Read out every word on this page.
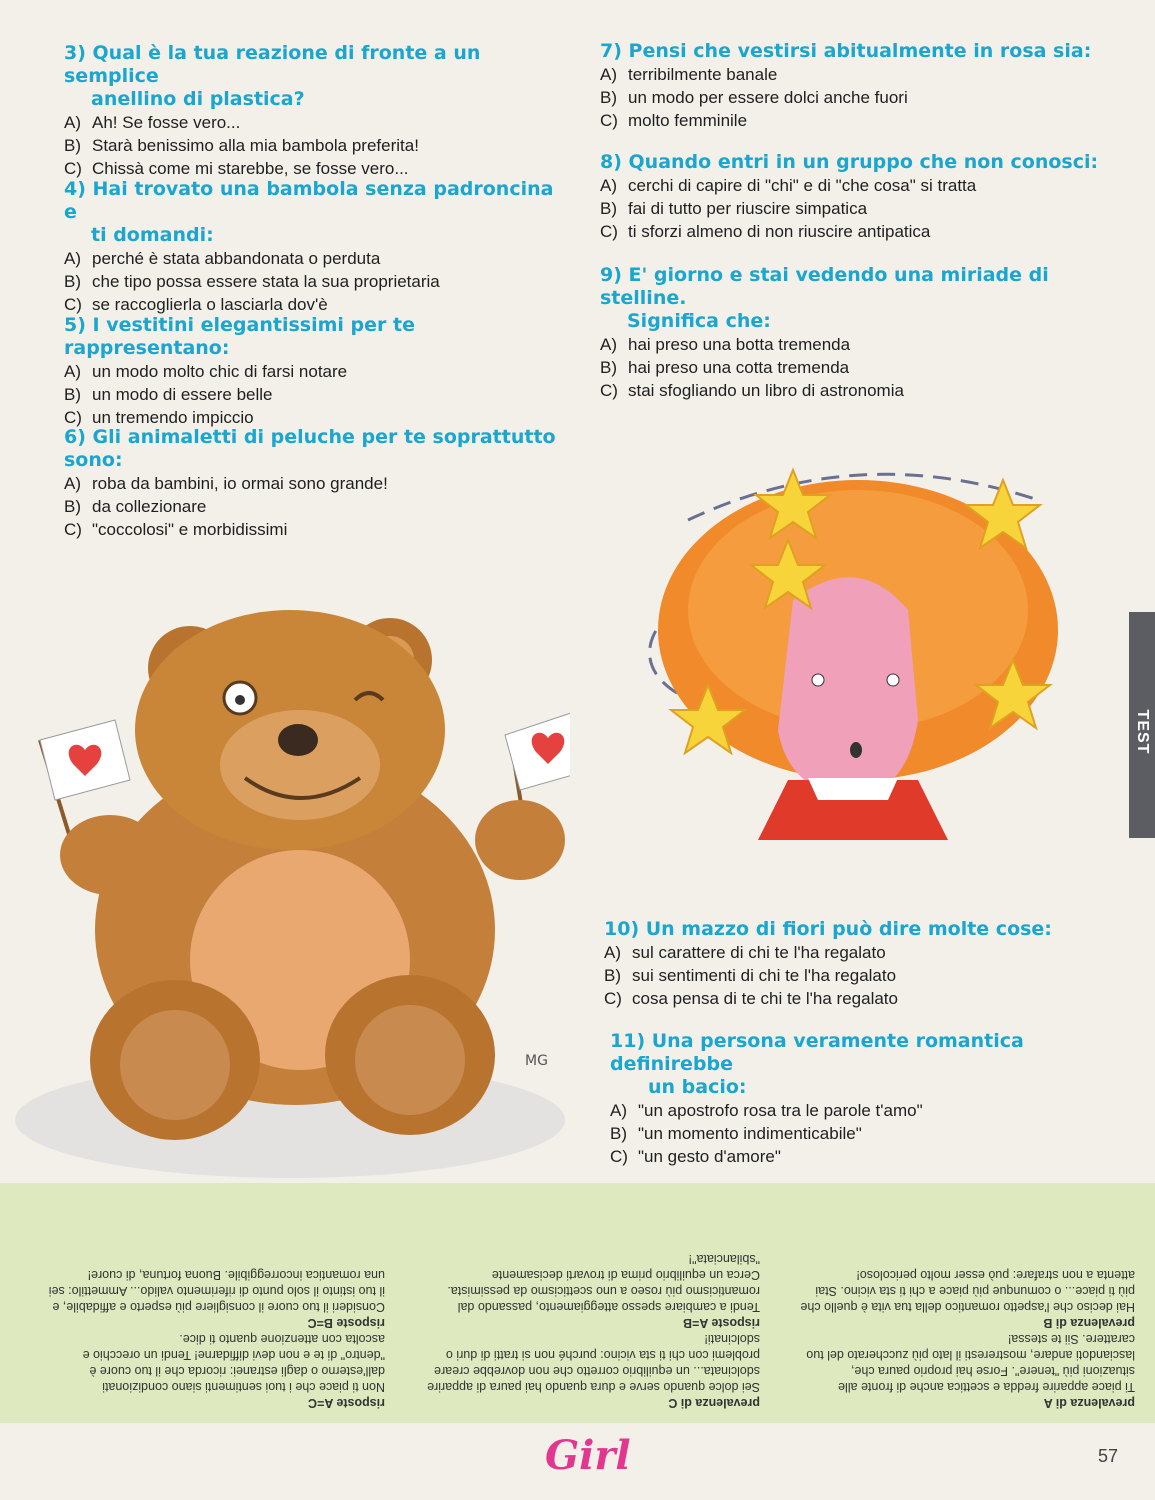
3) Qual è la tua reazione di fronte a un semplice
anellino di plastica?
A) Ah! Se fosse vero...
B) Starà benissimo alla mia bambola preferita!
C) Chissà come mi starebbe, se fosse vero...
4) Hai trovato una bambola senza padroncina e
ti domandi:
A) perché è stata abbandonata o perduta
B) che tipo possa essere stata la sua proprietaria
C) se raccoglierla o lasciarla dov'è
5) I vestitini elegantissimi per te rappresentano:
A) un modo molto chic di farsi notare
B) un modo di essere belle
C) un tremendo impiccio
6) Gli animaletti di peluche per te soprattutto sono:
A) roba da bambini, io ormai sono grande!
B) da collezionare
C) "coccolosi" e morbidissimi
7) Pensi che vestirsi abitualmente in rosa sia:
A) terribilmente banale
B) un modo per essere dolci anche fuori
C) molto femminile
8) Quando entri in un gruppo che non conosci:
A) cerchi di capire di "chi" e di "che cosa" si tratta
B) fai di tutto per riuscire simpatica
C) ti sforzi almeno di non riuscire antipatica
9) E' giorno e stai vedendo una miriade di stelline.
Significa che:
A) hai preso una botta tremenda
B) hai preso una cotta tremenda
C) stai sfogliando un libro di astronomia
10) Un mazzo di fiori può dire molte cose:
A) sul carattere di chi te l'ha regalato
B) sui sentimenti di chi te l'ha regalato
C) cosa pensa di te chi te l'ha regalato
11) Una persona veramente romantica definirebbe
un bacio:
A) "un apostrofo rosa tra le parole t'amo"
B) "un momento indimenticabile"
C) "un gesto d'amore"
MG
TEST
prevalenza di A
Ti piace apparire fredda e scettica anche di fronte alle situazioni più "tenere". Forse hai proprio paura che, lasciandoti andare, mostreresti il lato più zuccherato del tuo carattere. Sii te stessa!
prevalenza di B
Hai deciso che l'aspetto romantico della tua vita è quello che più ti piace... o comunque più piace a chi ti sta vicino. Stai attenta a non strafare: può esser molto pericoloso!
prevalenza di C
Sei dolce quando serve e dura quando hai paura di apparire sdolcinata... un equilibrio corretto che non dovrebbe creare problemi con chi ti sta vicino: purché non si tratti di duri o sdolcinati!
risposte A=B
Tendi a cambiare spesso atteggiamento, passando dal romanticismo più roseo a uno scetticismo da pessimista. Cerca un equilibrio prima di trovarti decisamente "sbilanciata"!
risposte A=C
Non ti piace che i tuoi sentimenti siano condizionati dall'esterno o dagli estranei: ricorda che il tuo cuore è "dentro" di te e non devi diffidarne! Tendi un orecchio e ascolta con attenzione quanto ti dice.
risposte B=C
Consideri il tuo cuore il consigliere più esperto e affidabile, e il tuo istinto il solo punto di riferimento valido... Ammettilo: sei una romantica incorreggibile. Buona fortuna, di cuore!
Girl	57
